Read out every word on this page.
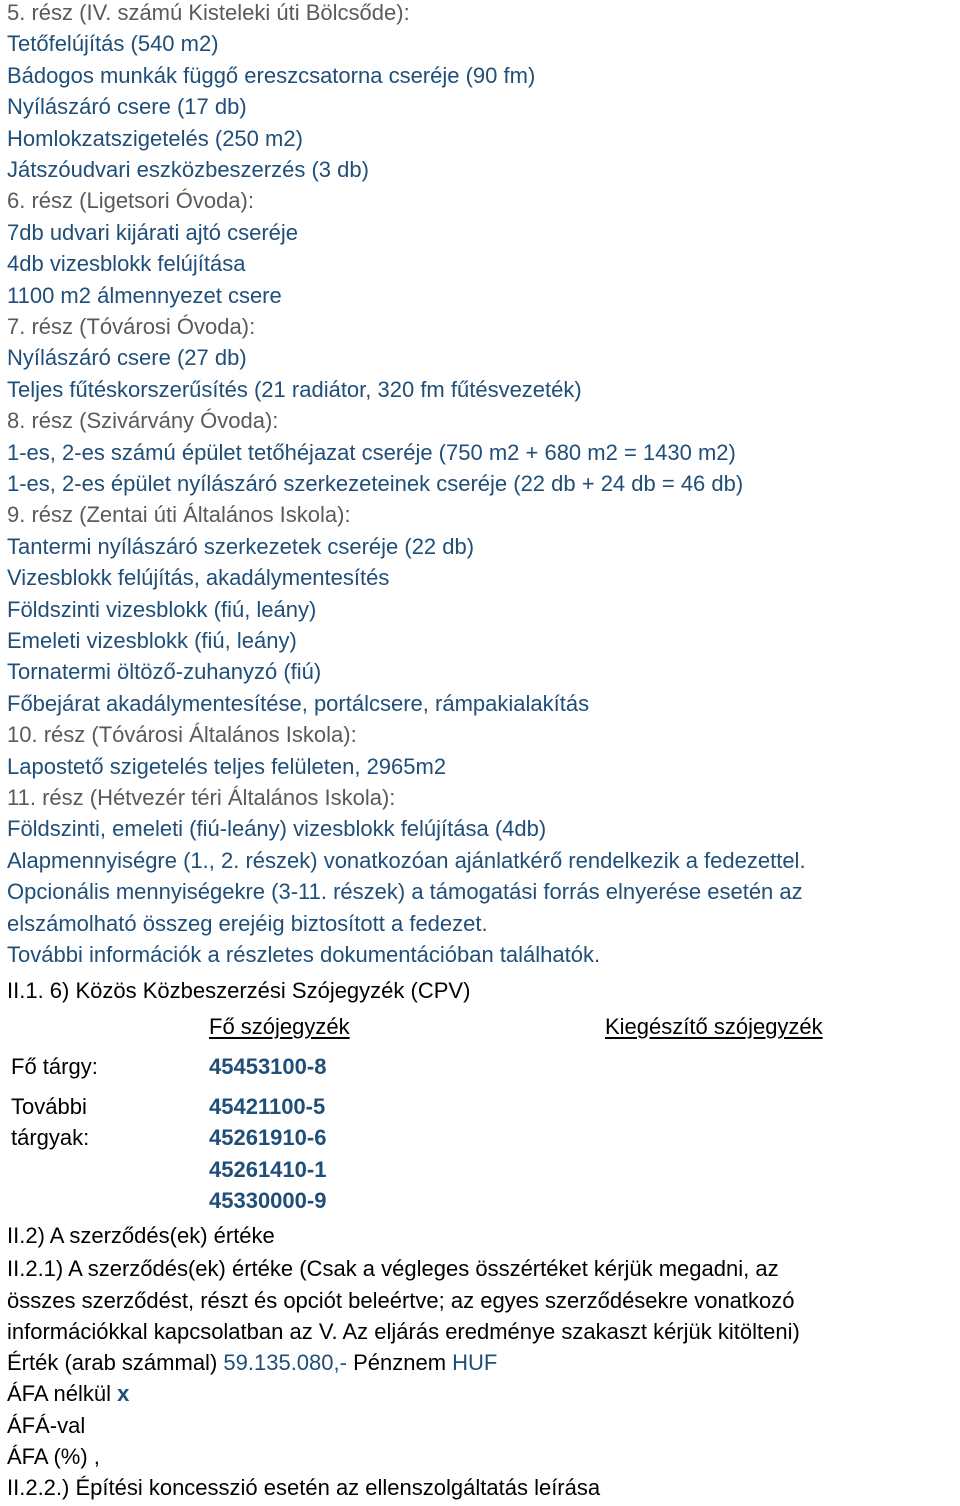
5. rész (IV. számú Kisteleki úti Bölcsőde):
Tetőfelújítás (540 m2)
Bádogos munkák függő ereszcsatorna cseréje (90 fm)
Nyílászáró csere (17 db)
Homlokzatszigetelés (250 m2)
Játszóudvari eszközbeszerzés (3 db)
6. rész (Ligetsori Óvoda):
7db udvari kijárati ajtó cseréje
4db vizesblokk felújítása
1100 m2 álmennyezet csere
7. rész (Tóvárosi Óvoda):
Nyílászáró csere (27 db)
Teljes fűtéskorszerűsítés (21 radiátor, 320 fm fűtésvezeték)
8. rész (Szivárvány Óvoda):
1-es, 2-es számú épület tetőhéjazat cseréje (750 m2 + 680 m2 = 1430 m2)
1-es, 2-es épület nyílászáró szerkezeteinek cseréje (22 db + 24 db = 46 db)
9. rész (Zentai úti Általános Iskola):
Tantermi nyílászáró szerkezetek cseréje (22 db)
Vizesblokk felújítás, akadálymentesítés
Földszinti vizesblokk (fiú, leány)
Emeleti vizesblokk (fiú, leány)
Tornatermi öltöző-zuhanyzó (fiú)
Főbejárat akadálymentesítése, portálcsere, rámpakialakítás
10. rész (Tóvárosi Általános Iskola):
Lapostető szigetelés teljes felületen, 2965m2
11. rész (Hétvezér téri Általános Iskola):
Földszinti, emeleti (fiú-leány) vizesblokk felújítása (4db)
Alapmennyiségre (1., 2. részek) vonatkozóan ajánlatkérő rendelkezik a fedezettel.
Opcionális mennyiségekre (3-11. részek) a támogatási forrás elnyerése esetén az
elszámolható összeg erejéig biztosított a fedezet.
További információk a részletes dokumentációban találhatók.
II.1. 6) Közös Közbeszerzési Szójegyzék (CPV)
Fő szójegyzék	Kiegészítő szójegyzék
Fő tárgy:	45453100-8
További
tárgyak:
45421100-5
45261910-6
45261410-1
45330000-9
II.2) A szerződés(ek) értéke
II.2.1) A szerződés(ek) értéke (Csak a végleges összértéket kérjük megadni, az
összes szerződést, részt és opciót beleértve; az egyes szerződésekre vonatkozó
információkkal kapcsolatban az V. Az eljárás eredménye szakaszt kérjük kitölteni)
Érték (arab számmal) 59.135.080,- Pénznem HUF
ÁFA nélkül x
ÁFÁ-val
ÁFA (%) ,
II.2.2.) Építési koncesszió esetén az ellenszolgáltatás leírása
